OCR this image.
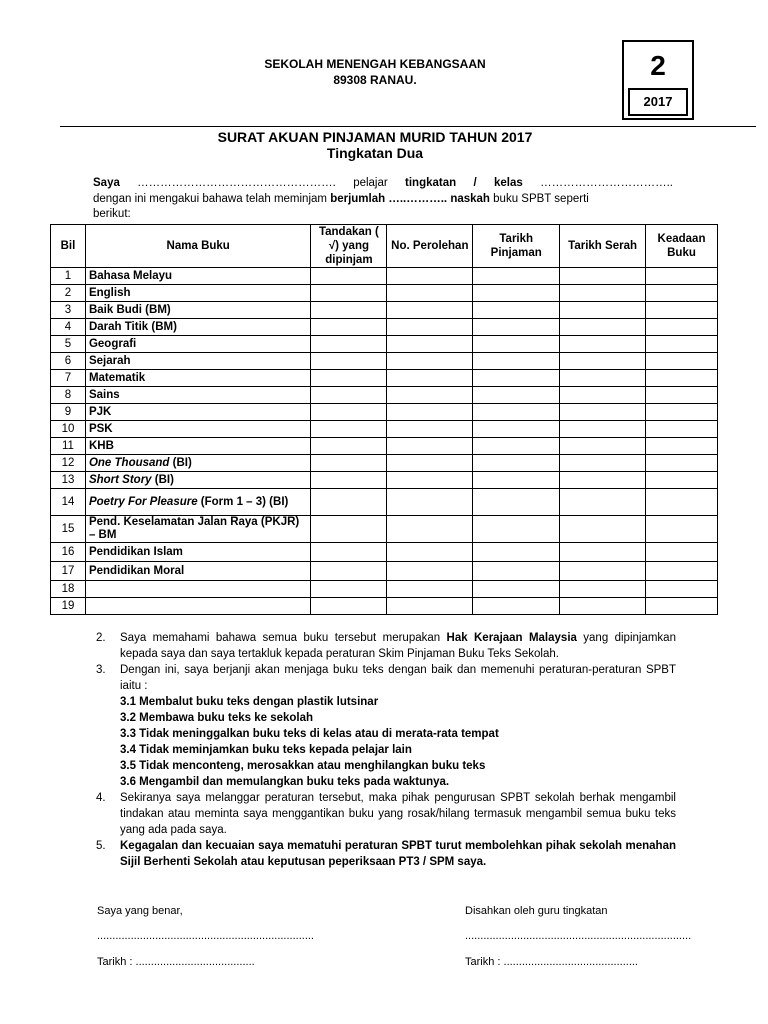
SEKOLAH MENENGAH KEBANGSAAN
89308 RANAU.	2
2017
SURAT AKUAN PINJAMAN MURID TAHUN 2017
Tingkatan Dua
Saya ……………………………………………. pelajar tingkatan / kelas ……………………………..
dengan ini mengakui bahawa telah meminjam berjumlah …..……….. naskah buku SPBT seperti
berikut:
Bil	Nama Buku	Tandakan ( √) yang dipinjam	No. Perolehan	Tarikh Pinjaman	Tarikh Serah	Keadaan Buku
1	Bahasa Melayu					
2	English					
3	Baik Budi (BM)					
4	Darah Titik (BM)					
5	Geografi					
6	Sejarah					
7	Matematik					
8	Sains					
9	PJK					
10	PSK					
11	KHB					
12	One Thousand (BI)					
13	Short Story (BI)					
14	Poetry For Pleasure (Form 1 – 3) (BI)					
15	Pend. Keselamatan Jalan Raya (PKJR) – BM					
16	Pendidikan Islam					
17	Pendidikan Moral					
18						
19						
2.	Saya memahami bahawa semua buku tersebut merupakan Hak Kerajaan Malaysia yang dipinjamkan kepada saya dan saya tertakluk kepada peraturan Skim Pinjaman Buku Teks Sekolah.
3.	Dengan ini, saya berjanji akan menjaga buku teks dengan baik dan memenuhi peraturan-peraturan SPBT iaitu :
3.1 Membalut buku teks dengan plastik lutsinar
3.2 Membawa buku teks ke sekolah
3.3 Tidak meninggalkan buku teks di kelas atau di merata-rata tempat
3.4 Tidak meminjamkan buku teks kepada pelajar lain
3.5 Tidak menconteng, merosakkan atau menghilangkan buku teks
3.6 Mengambil dan memulangkan buku teks pada waktunya.
4.	Sekiranya saya melanggar peraturan tersebut, maka pihak pengurusan SPBT sekolah berhak mengambil tindakan atau meminta saya menggantikan buku yang rosak/hilang termasuk mengambil semua buku teks yang ada pada saya.
5.	Kegagalan dan kecuaian saya mematuhi peraturan SPBT turut membolehkan pihak sekolah menahan Sijil Berhenti Sekolah atau keputusan peperiksaan PT3 / SPM saya.
Saya yang benar,
.......................................................................
Tarikh : .......................................
Disahkan oleh guru tingkatan
..........................................................................
Tarikh : ............................................
